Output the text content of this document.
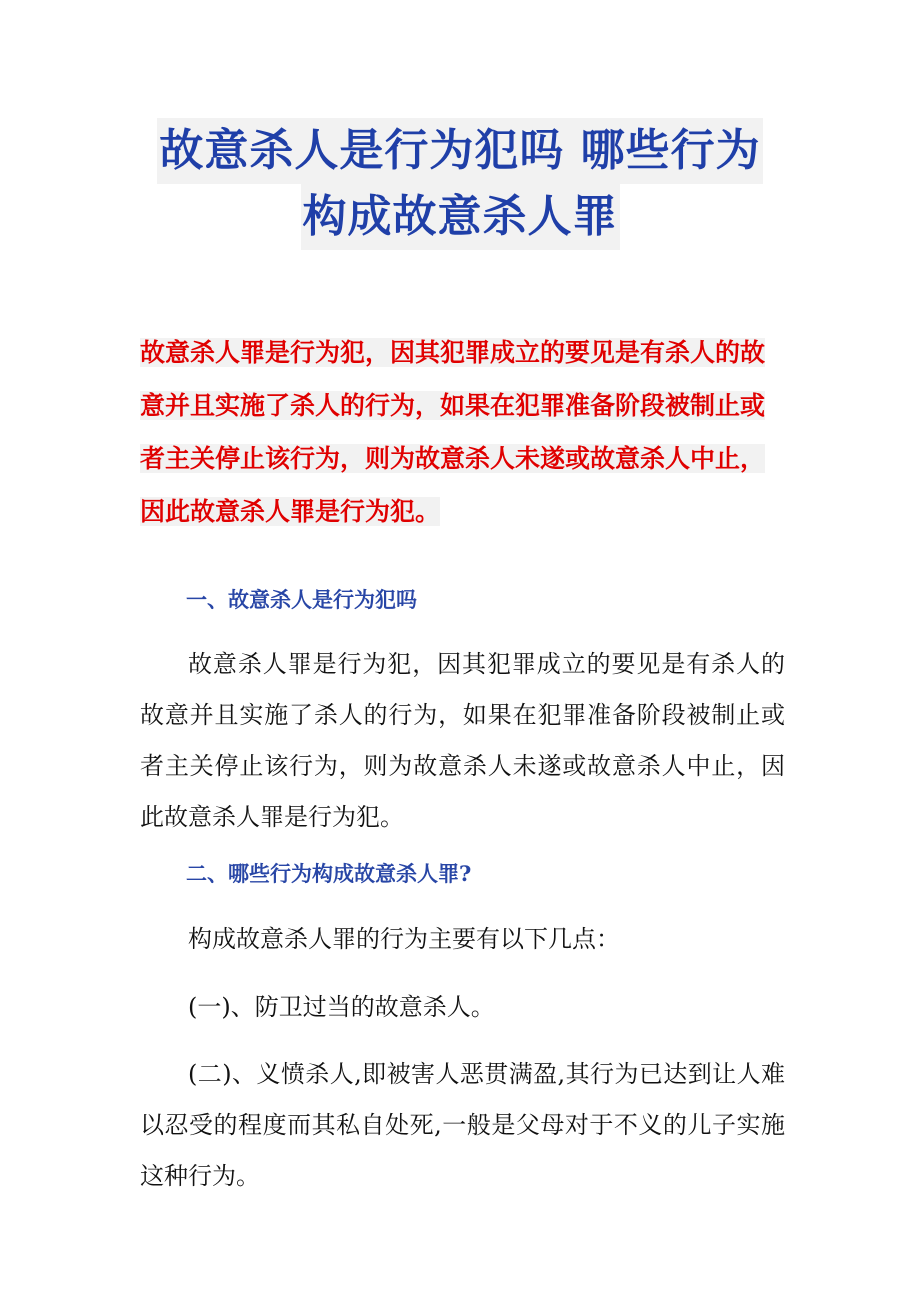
故意杀人是行为犯吗 哪些行为
构成故意杀人罪
故意杀人罪是行为犯，因其犯罪成立的要见是有杀人的故意并且实施了杀人的行为，如果在犯罪准备阶段被制止或者主关停止该行为，则为故意杀人未遂或故意杀人中止，因此故意杀人罪是行为犯。
一、故意杀人是行为犯吗
故意杀人罪是行为犯，因其犯罪成立的要见是有杀人的故意并且实施了杀人的行为，如果在犯罪准备阶段被制止或者主关停止该行为，则为故意杀人未遂或故意杀人中止，因此故意杀人罪是行为犯。
二、哪些行为构成故意杀人罪?
构成故意杀人罪的行为主要有以下几点：
(一)、防卫过当的故意杀人。
(二)、义愤杀人,即被害人恶贯满盈,其行为已达到让人难以忍受的程度而其私自处死,一般是父母对于不义的儿子实施这种行为。
